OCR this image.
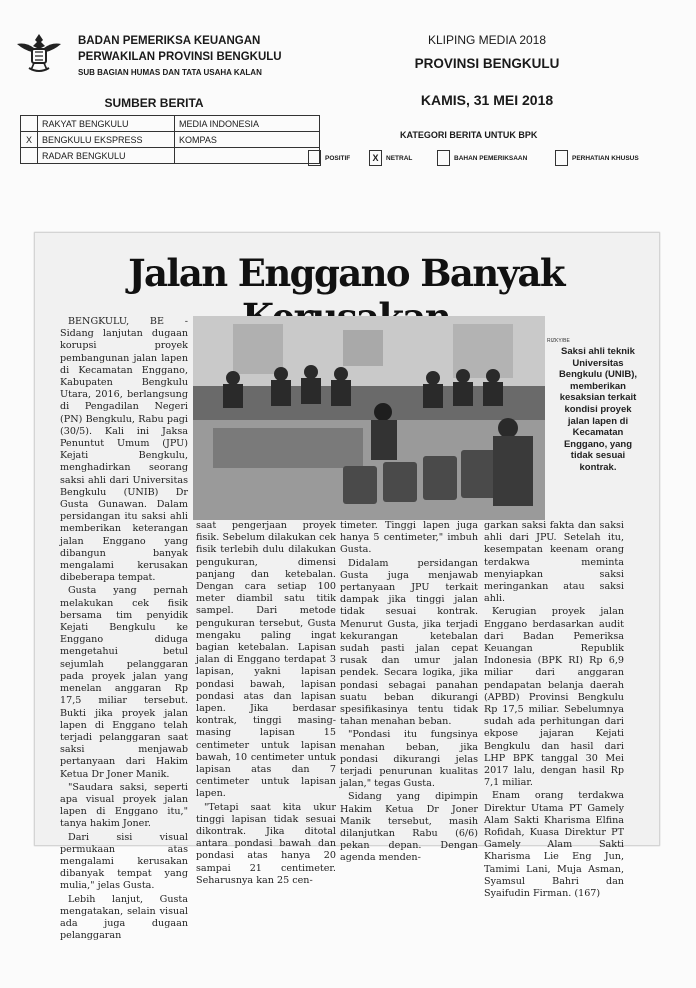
BADAN PEMERIKSA KEUANGAN
PERWAKILAN PROVINSI BENGKULU
SUB BAGIAN HUMAS DAN TATA USAHA KALAN
KLIPING MEDIA 2018
PROVINSI BENGKULU
KAMIS, 31 MEI 2018
SUMBER BERITA
	RAKYAT BENGKULU	MEDIA INDONESIA
X	BENGKULU EKSPRESS	KOMPAS
	RADAR BENGKULU	
KATEGORI BERITA UNTUK BPK
POSITIF	X	NETRAL	BAHAN PEMERIKSAAN	PERHATIAN KHUSUS
Jalan Enggano Banyak
RIZKY/BE
Saksi ahli teknik Universitas Bengkulu (UNIB), memberikan kesaksian terkait kondisi proyek jalan lapen di Kecamatan Enggano, yang tidak sesuai kontrak.

BENGKULU, BE - Sidang lanjutan dugaan korupsi proyek pembangunan jalan lapen di Kecamatan Enggano, Kabupaten Bengkulu Utara, 2016, berlangsung di Pengadilan Negeri (PN) Bengkulu, Rabu pagi (30/5). Kali ini Jaksa Penuntut Umum (JPU) Kejati Bengkulu, menghadirkan seorang saksi ahli dari Universitas Bengkulu (UNIB) Dr Gusta Gunawan. Dalam persidangan itu saksi ahli memberikan keterangan jalan Enggano yang dibangun banyak mengalami kerusakan dibeberapa tempat.

Gusta yang pernah melakukan cek fisik bersama tim penyidik Kejati Bengkulu ke Enggano diduga mengetahui betul sejumlah pelanggaran pada proyek jalan yang menelan anggaran Rp 17,5 miliar tersebut. Bukti jika proyek jalan lapen di Enggano telah terjadi pelanggaran saat saksi menjawab pertanyaan dari Hakim Ketua Dr Joner Manik.

"Saudara saksi, seperti apa visual proyek jalan lapen di Enggano itu," tanya hakim Joner.

Dari sisi visual permukaan atas mengalami kerusakan dibanyak tempat yang mulia," jelas Gusta.

Lebih lanjut, Gusta mengatakan, selain visual ada juga dugaan pelanggaran

saat pengerjaan proyek fisik. Sebelum dilakukan cek fisik terlebih dulu dilakukan pengukuran, dimensi panjang dan ketebalan. Dengan cara setiap 100 meter diambil satu titik sampel. Dari metode pengukuran tersebut, Gusta mengaku paling ingat bagian ketebalan. Lapisan jalan di Enggano terdapat 3 lapisan, yakni lapisan pondasi bawah, lapisan pondasi atas dan lapisan lapen. Jika berdasar kontrak, tinggi masing-masing lapisan 15 centimeter untuk lapisan bawah, 10 centimeter untuk lapisan atas dan 7 centimeter untuk lapisan lapen.

"Tetapi saat kita ukur tinggi lapisan tidak sesuai dikontrak. Jika ditotal antara pondasi bawah dan pondasi atas hanya 20 sampai 21 centimeter. Seharusnya kan 25 cen-

timeter. Tinggi lapen juga hanya 5 centimeter," imbuh Gusta.

Didalam persidangan Gusta juga menjawab pertanyaan JPU terkait dampak jika tinggi jalan tidak sesuai kontrak. Menurut Gusta, jika terjadi kekurangan ketebalan sudah pasti jalan cepat rusak dan umur jalan pendek. Secara logika, jika pondasi sebagai panahan suatu beban dikurangi spesifikasinya tentu tidak tahan menahan beban.

"Pondasi itu fungsinya menahan beban, jika pondasi dikurangi jelas terjadi penurunan kualitas jalan," tegas Gusta.

Sidang yang dipimpin Hakim Ketua Dr Joner Manik tersebut, masih dilanjutkan Rabu (6/6) pekan depan. Dengan agenda menden-

garkan saksi fakta dan saksi ahli dari JPU. Setelah itu, kesempatan keenam orang terdakwa meminta menyiapkan saksi meringankan atau saksi ahli.

Kerugian proyek jalan Enggano berdasarkan audit dari Badan Pemeriksa Keuangan Republik Indonesia (BPK RI) Rp 6,9 miliar dari anggaran pendapatan belanja daerah (APBD) Provinsi Bengkulu Rp 17,5 miliar. Sebelumnya sudah ada perhitungan dari ekpose jajaran Kejati Bengkulu dan hasil dari LHP BPK tanggal 30 Mei 2017 lalu, dengan hasil Rp 7,1 miliar.

Enam orang terdakwa Direktur Utama PT Gamely Alam Sakti Kharisma Elfina Rofidah, Kuasa Direktur PT Gamely Alam Sakti Kharisma Lie Eng Jun, Tamimi Lani, Muja Asman, Syamsul Bahri dan Syaifudin Firman. (167)
